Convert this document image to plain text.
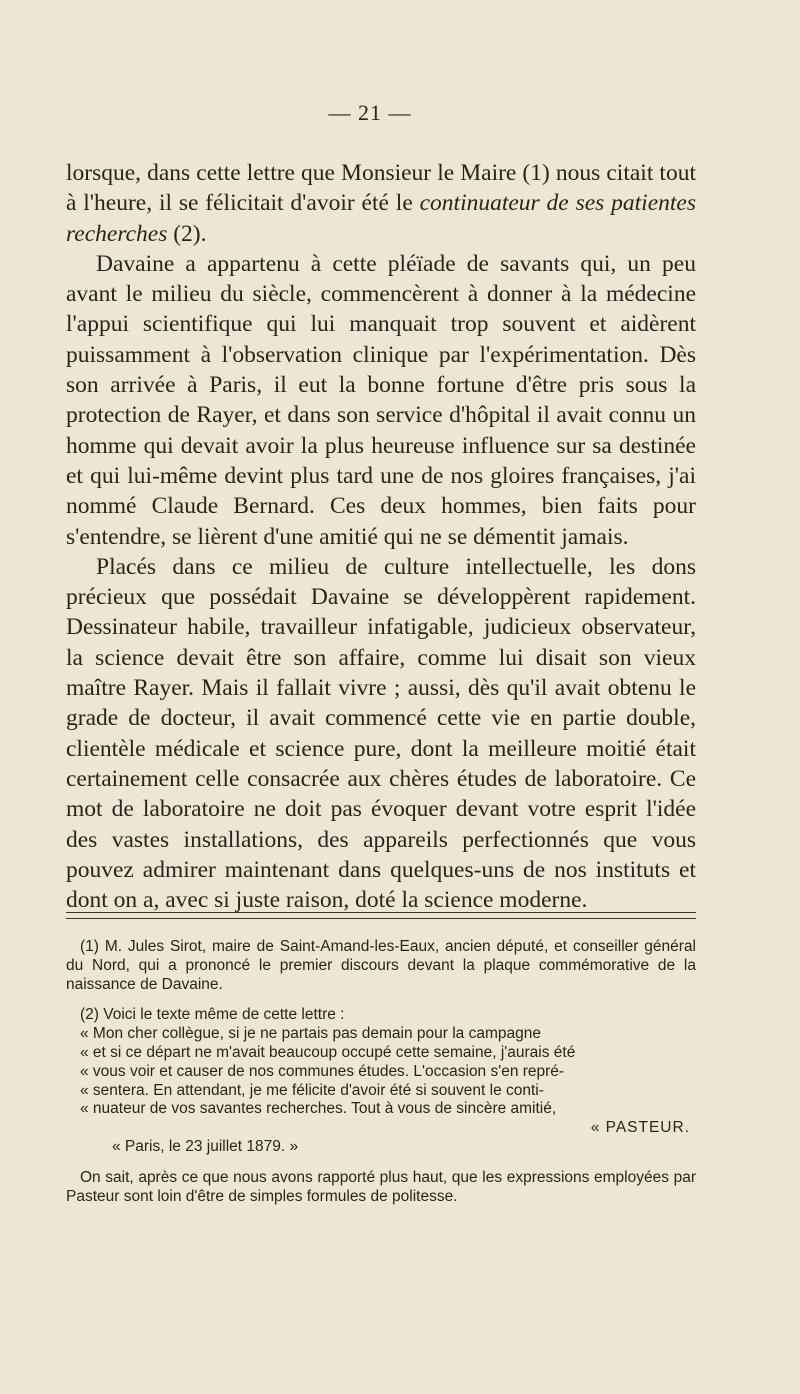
— 21 —

lorsque, dans cette lettre que Monsieur le Maire (1) nous citait tout à l'heure, il se félicitait d'avoir été le continuateur de ses patientes recherches (2).

Davaine a appartenu à cette pléïade de savants qui, un peu avant le milieu du siècle, commencèrent à donner à la médecine l'appui scientifique qui lui manquait trop souvent et aidèrent puissamment à l'observation clinique par l'expérimentation. Dès son arrivée à Paris, il eut la bonne fortune d'être pris sous la protection de Rayer, et dans son service d'hôpital il avait connu un homme qui devait avoir la plus heureuse influence sur sa destinée et qui lui-même devint plus tard une de nos gloires françaises, j'ai nommé Claude Bernard. Ces deux hommes, bien faits pour s'entendre, se lièrent d'une amitié qui ne se démentit jamais.

Placés dans ce milieu de culture intellectuelle, les dons précieux que possédait Davaine se développèrent rapidement. Dessinateur habile, travailleur infatigable, judicieux observateur, la science devait être son affaire, comme lui disait son vieux maître Rayer. Mais il fallait vivre ; aussi, dès qu'il avait obtenu le grade de docteur, il avait commencé cette vie en partie double, clientèle médicale et science pure, dont la meilleure moitié était certainement celle consacrée aux chères études de laboratoire. Ce mot de laboratoire ne doit pas évoquer devant votre esprit l'idée des vastes installations, des appareils perfectionnés que vous pouvez admirer maintenant dans quelques-uns de nos instituts et dont on a, avec si juste raison, doté la science moderne.

(1) M. Jules Sirot, maire de Saint-Amand-les-Eaux, ancien député, et conseiller général du Nord, qui a prononcé le premier discours devant la plaque commémorative de la naissance de Davaine.

(2) Voici le texte même de cette lettre :

« Mon cher collègue, si je ne partais pas demain pour la campagne

« et si ce départ ne m'avait beaucoup occupé cette semaine, j'aurais été

« vous voir et causer de nos communes études. L'occasion s'en repré-

« sentera. En attendant, je me félicite d'avoir été si souvent le conti-

« nuateur de vos savantes recherches. Tout à vous de sincère amitié,

« PASTEUR.

« Paris, le 23 juillet 1879. »

On sait, après ce que nous avons rapporté plus haut, que les expressions employées par Pasteur sont loin d'être de simples formules de politesse.
